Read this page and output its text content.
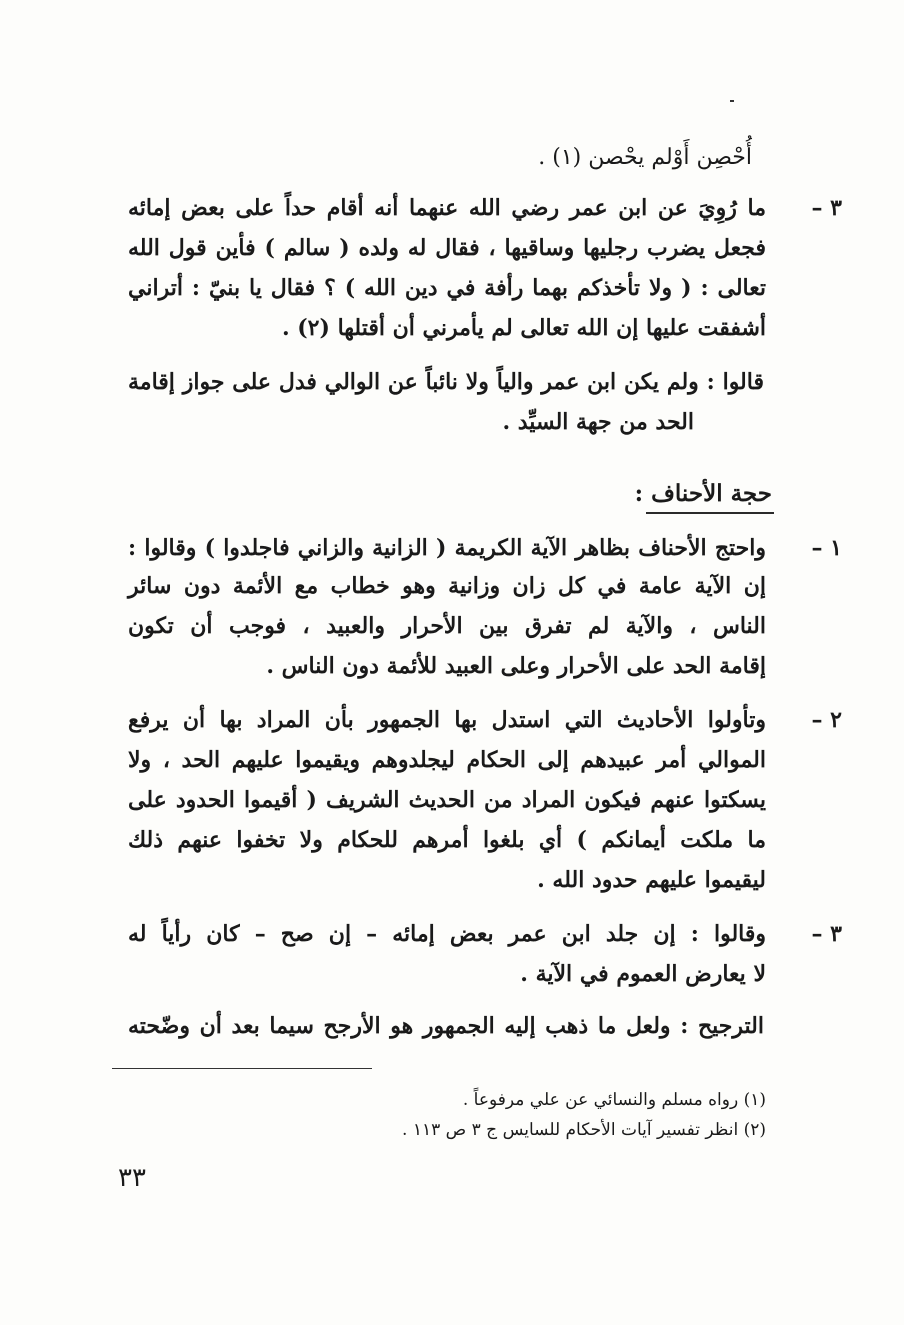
أُحْصِن أَوْلم يحْصن (١) .
٣ –
ما رُوِيَ عن ابن عمر رضي الله عنهما أنه أقام حداً على بعض إمائه
فجعل يضرب رجليها وساقيها ، فقال له ولده ( سالم ) فأين قول الله
تعالى : ( ولا تأخذكم بهما رأفة في دين الله ) ؟ فقال يا بنيّ : أتراني
أشفقت عليها إن الله تعالى لم يأمرني أن أقتلها (٢) .
قالوا : ولم يكن ابن عمر والياً ولا نائباً عن الوالي فدل على جواز إقامة
الحد من جهة السيِّد .
حجة الأحناف :
١ –
واحتج الأحناف بظاهر الآية الكريمة ( الزانية والزاني فاجلدوا ) وقالوا :
إن الآية عامة في كل زان وزانية وهو خطاب مع الأئمة دون سائر
الناس ، والآية لم تفرق بين الأحرار والعبيد ، فوجب أن تكون
إقامة الحد على الأحرار وعلى العبيد للأئمة دون الناس .
٢ –
وتأولوا الأحاديث التي استدل بها الجمهور بأن المراد بها أن يرفع
الموالي أمر عبيدهم إلى الحكام ليجلدوهم ويقيموا عليهم الحد ، ولا
يسكتوا عنهم فيكون المراد من الحديث الشريف ( أقيموا الحدود على
ما ملكت أيمانكم ) أي بلغوا أمرهم للحكام ولا تخفوا عنهم ذلك
ليقيموا عليهم حدود الله .
٣ –
وقالوا : إن جلد ابن عمر بعض إمائه – إن صح – كان رأياً له
لا يعارض العموم في الآية .
الترجيح : ولعل ما ذهب إليه الجمهور هو الأرجح سيما بعد أن وضّحته
(١) رواه مسلم والنسائي عن علي مرفوعاً .
(٢) انظر تفسير آيات الأحكام للسايس ج ٣ ص ١١٣ .
٣٣
